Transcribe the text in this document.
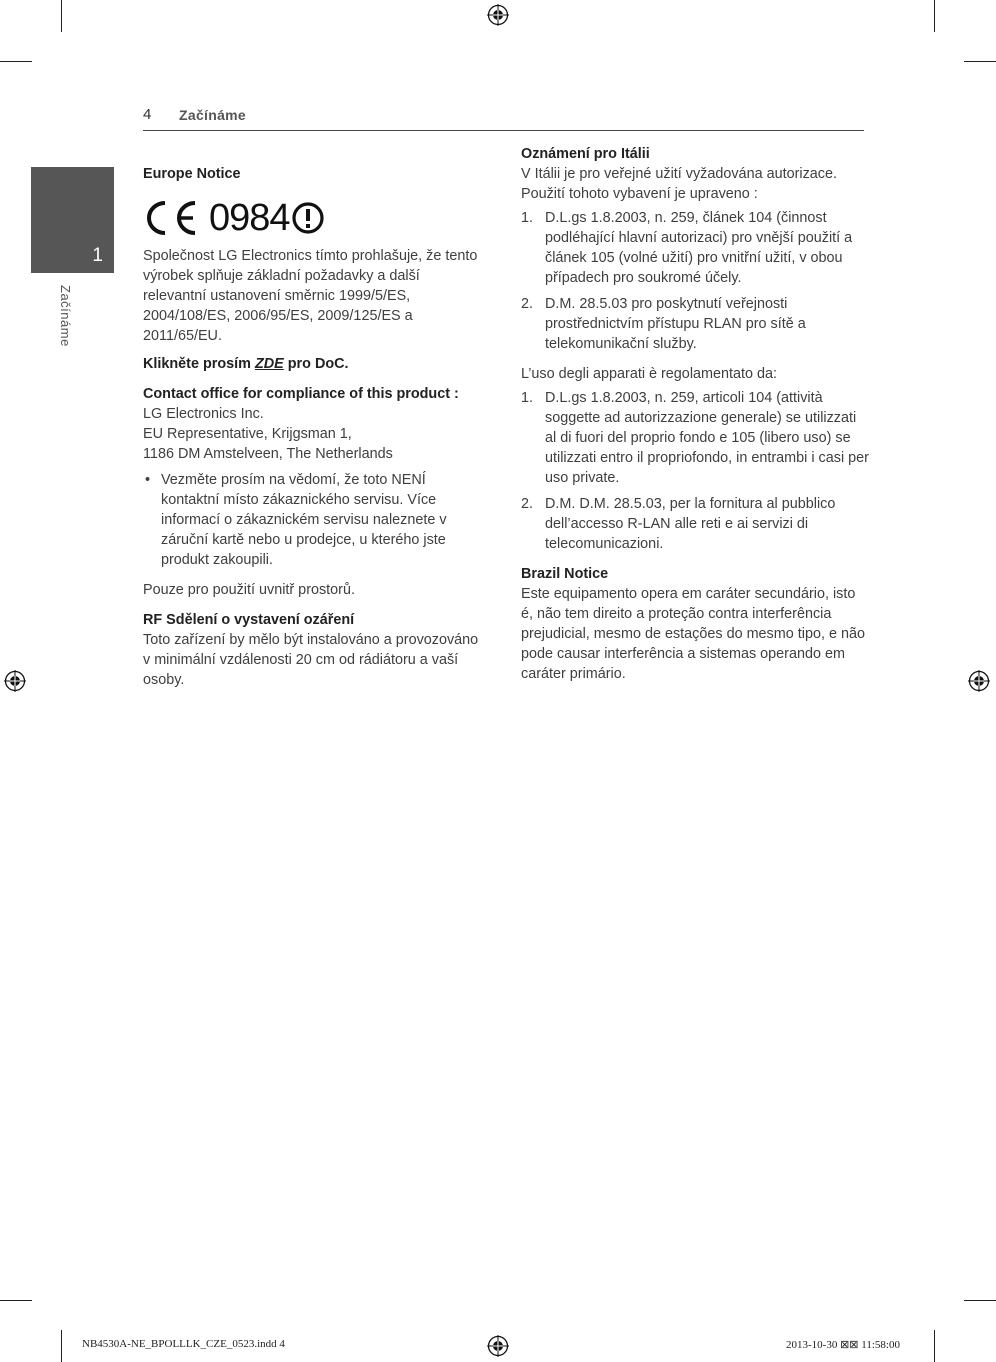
4 Začínáme
1
Začínáme

Europe Notice

0984

Společnost LG Electronics tímto prohlašuje, že tento výrobek splňuje základní požadavky a další relevantní ustanovení směrnic 1999/5/ES, 2004/108/ES, 2006/95/ES, 2009/125/ES a 2011/65/EU.

Klikněte prosím ZDE pro DoC.

Contact office for compliance of this product :

LG Electronics Inc.

EU Representative, Krijgsman 1,

1186 DM Amstelveen, The Netherlands

• Vezměte prosím na vědomí, že toto NENÍ kontaktní místo zákaznického servisu. Více informací o zákaznickém servisu naleznete v záruční kartě nebo u prodejce, u kterého jste produkt zakoupili.

Pouze pro použití uvnitř prostorů.

RF Sdělení o vystavení ozáření

Toto zařízení by mělo být instalováno a provozováno v minimální vzdálenosti 20 cm od rádiátoru a vaší osoby.

Oznámení pro Itálii

V Itálii je pro veřejné užití vyžadována autorizace. Použití tohoto vybavení je upraveno :

1. D.L.gs 1.8.2003, n. 259, článek 104 (činnost podléhající hlavní autorizaci) pro vnější použití a článek 105 (volné užití) pro vnitřní užití, v obou případech pro soukromé účely.
2. D.M. 28.5.03 pro poskytnutí veřejnosti prostřednictvím přístupu RLAN pro sítě a telekomunikační služby.

L’uso degli apparati è regolamentato da:

1. D.L.gs 1.8.2003, n. 259, articoli 104 (attività soggette ad autorizzazione generale) se utilizzati al di fuori del proprio fondo e 105 (libero uso) se utilizzati entro il propriofondo, in entrambi i casi per uso private.
2. D.M. D.M. 28.5.03, per la fornitura al pubblico dell’accesso R-LAN alle reti e ai servizi di telecomunicazioni.

Brazil Notice

Este equipamento opera em caráter secundário, isto é, não tem direito a proteção contra interferência prejudicial, mesmo de estações do mesmo tipo, e não pode causar interferência a sistemas operando em caráter primário.

NB4530A-NE_BPOLLLK_CZE_0523.indd 4	2013-10-30 ⊠⊠ 11:58:00
